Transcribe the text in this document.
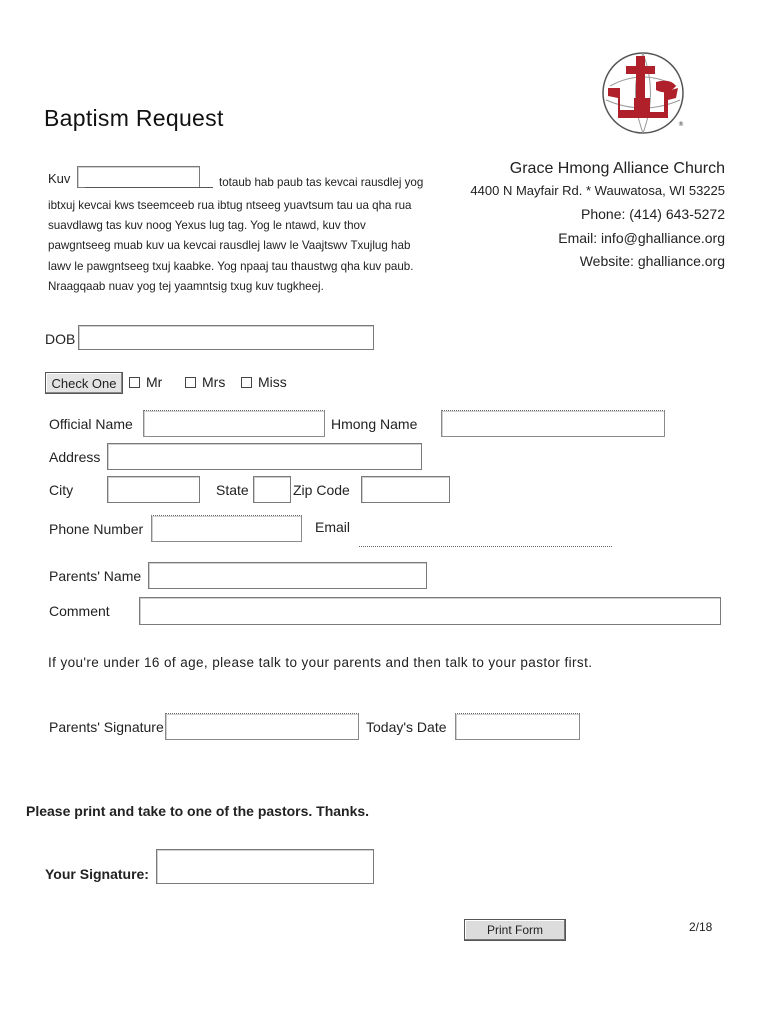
®
Baptism Request
Kuv	totaub hab paub tas kevcai rausdlej yog
ibtxuj kevcai kws tseemceeb rua ibtug ntseeg yuavtsum tau ua qha rua
suavdlawg tas kuv noog Yexus lug tag. Yog le ntawd, kuv thov
pawgntseeg muab kuv ua kevcai rausdlej lawv le Vaajtswv Txujlug hab
lawv le pawgntseeg txuj kaabke. Yog npaaj tau thaustwg qha kuv paub.
Nraagqaab nuav yog tej yaamntsig txug kuv tugkheej.
Grace Hmong Alliance Church
4400 N Mayfair Rd. * Wauwatosa, WI 53225
Phone: (414) 643-5272
Email: info@ghalliance.org
Website: ghalliance.org
DOB
Check One	Mr	Mrs Miss
Official Name	Hmong Name
Address
City	State	Zip Code
Phone Number	Email
Parents' Name
Comment
If you're under 16 of age, please talk to your parents and then talk to your pastor first.
Parents' Signature	Today's Date
Please print and take to one of the pastors. Thanks.
Your Signature:
Print Form	2/18
